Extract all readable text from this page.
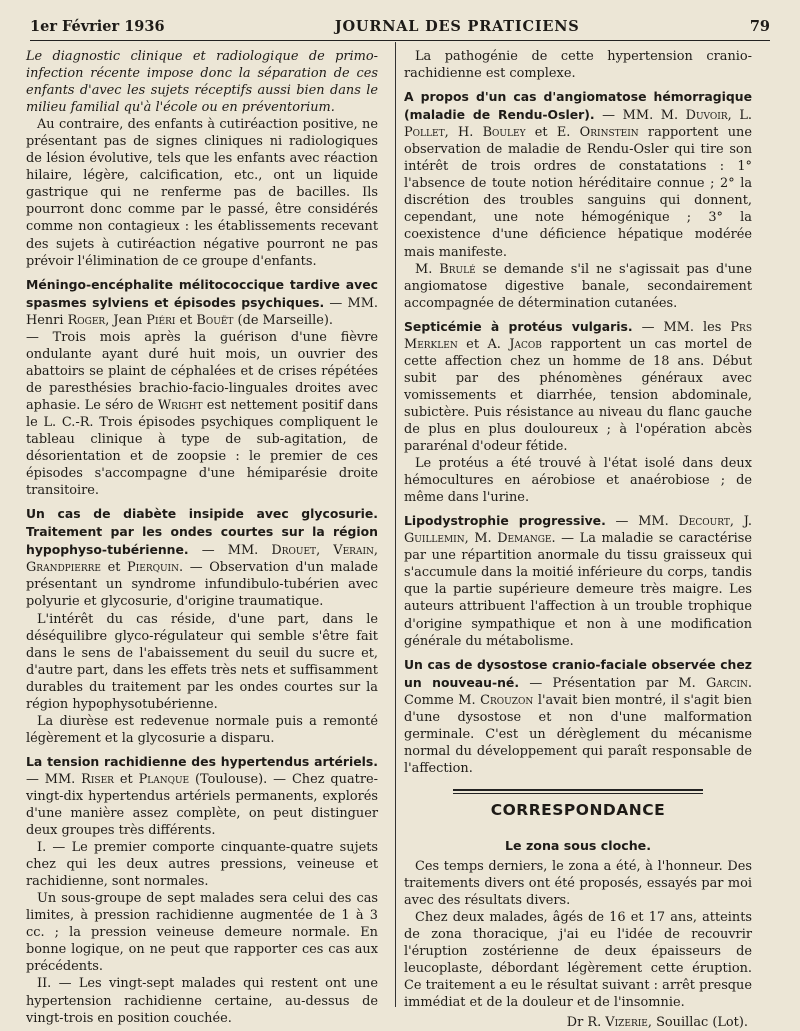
1er Février 1936	JOURNAL DES PRATICIENS	79

Le diagnostic clinique et radiologique de primo-infection récente impose donc la séparation de ces enfants d'avec les sujets réceptifs aussi bien dans le milieu familial qu'à l'école ou en préventorium.

Au contraire, des enfants à cutiréaction positive, ne présentant pas de signes cliniques ni radiologiques de lésion évolutive, tels que les enfants avec réaction hilaire, légère, calcification, etc., ont un liquide gastrique qui ne renferme pas de bacilles. Ils pourront donc comme par le passé, être considérés comme non contagieux : les établissements recevant des sujets à cutiréaction négative pourront ne pas prévoir l'élimination de ce groupe d'enfants.

Méningo-encéphalite mélitococcique tardive avec spasmes sylviens et épisodes psychiques. — MM. Henri Roger, Jean Piéri et Bouët (de Marseille).

— Trois mois après la guérison d'une fièvre ondulante ayant duré huit mois, un ouvrier des abattoirs se plaint de céphalées et de crises répétées de paresthésies brachio-facio-linguales droites avec aphasie. Le séro de Wright est nettement positif dans le L. C.-R. Trois épisodes psychiques compliquent le tableau clinique à type de sub-agitation, de désorientation et de zoopsie : le premier de ces épisodes s'accompagne d'une hémiparésie droite transitoire.

Un cas de diabète insipide avec glycosurie. Traitement par les ondes courtes sur la région hypophyso-tubérienne. — MM. Drouet, Verain, Grandpierre et Pierquin. — Observation d'un malade présentant un syndrome infundibulo-tubérien avec polyurie et glycosurie, d'origine traumatique.

L'intérêt du cas réside, d'une part, dans le déséquilibre glyco-régulateur qui semble s'être fait dans le sens de l'abaissement du seuil du sucre et, d'autre part, dans les effets très nets et suffisamment durables du traitement par les ondes courtes sur la région hypophysotubérienne.

La diurèse est redevenue normale puis a remonté légèrement et la glycosurie a disparu.

La tension rachidienne des hypertendus artériels. — MM. Riser et Planque (Toulouse). — Chez quatre-vingt-dix hypertendus artériels permanents, explorés d'une manière assez complète, on peut distinguer deux groupes très différents.

I. — Le premier comporte cinquante-quatre sujets chez qui les deux autres pressions, veineuse et rachidienne, sont normales.

Un sous-groupe de sept malades sera celui des cas limites, à pression rachidienne augmentée de 1 à 3 cc. ; la pression veineuse demeure normale. En bonne logique, on ne peut que rapporter ces cas aux précédents.

II. — Les vingt-sept malades qui restent ont une hypertension rachidienne certaine, au-dessus de vingt-trois en position couchée.

La pathogénie de cette hypertension cranio-rachidienne est complexe.

A propos d'un cas d'angiomatose hémorragique (maladie de Rendu-Osler). — MM. M. Duvoir, L. Pollet, H. Bouley et E. Orinstein rapportent une observation de maladie de Rendu-Osler qui tire son intérêt de trois ordres de constatations : 1° l'absence de toute notion héréditaire connue ; 2° la discrétion des troubles sanguins qui donnent, cependant, une note hémogénique ; 3° la coexistence d'une déficience hépatique modérée mais manifeste.

M. Brulé se demande s'il ne s'agissait pas d'une angiomatose digestive banale, secondairement accompagnée de détermination cutanées.

Septicémie à protéus vulgaris. — MM. les Prs Merklen et A. Jacob rapportent un cas mortel de cette affection chez un homme de 18 ans. Début subit par des phénomènes généraux avec vomissements et diarrhée, tension abdominale, subictère. Puis résistance au niveau du flanc gauche de plus en plus douloureux ; à l'opération abcès pararénal d'odeur fétide.

Le protéus a été trouvé à l'état isolé dans deux hémocultures en aérobiose et anaérobiose ; de même dans l'urine.

Lipodystrophie progressive. — MM. Decourt, J. Guillemin, M. Demange. — La maladie se caractérise par une répartition anormale du tissu graisseux qui s'accumule dans la moitié inférieure du corps, tandis que la partie supérieure demeure très maigre. Les auteurs attribuent l'affection à un trouble trophique d'origine sympathique et non à une modification générale du métabolisme.

Un cas de dysostose cranio-faciale observée chez un nouveau-né. — Présentation par M. Garcin. Comme M. Crouzon l'avait bien montré, il s'agit bien d'une dysostose et non d'une malformation germinale. C'est un dérèglement du mécanisme normal du développement qui paraît responsable de l'affection.

CORRESPONDANCE
Le zona sous cloche.

Ces temps derniers, le zona a été, à l'honneur. Des traitements divers ont été proposés, essayés par moi avec des résultats divers.

Chez deux malades, âgés de 16 et 17 ans, atteints de zona thoracique, j'ai eu l'idée de recouvrir l'éruption zostérienne de deux épaisseurs de leucoplaste, débordant légèrement cette éruption. Ce traitement a eu le résultat suivant : arrêt presque immédiat et de la douleur et de l'insomnie.

Dr R. Vizerie, Souillac (Lot).
